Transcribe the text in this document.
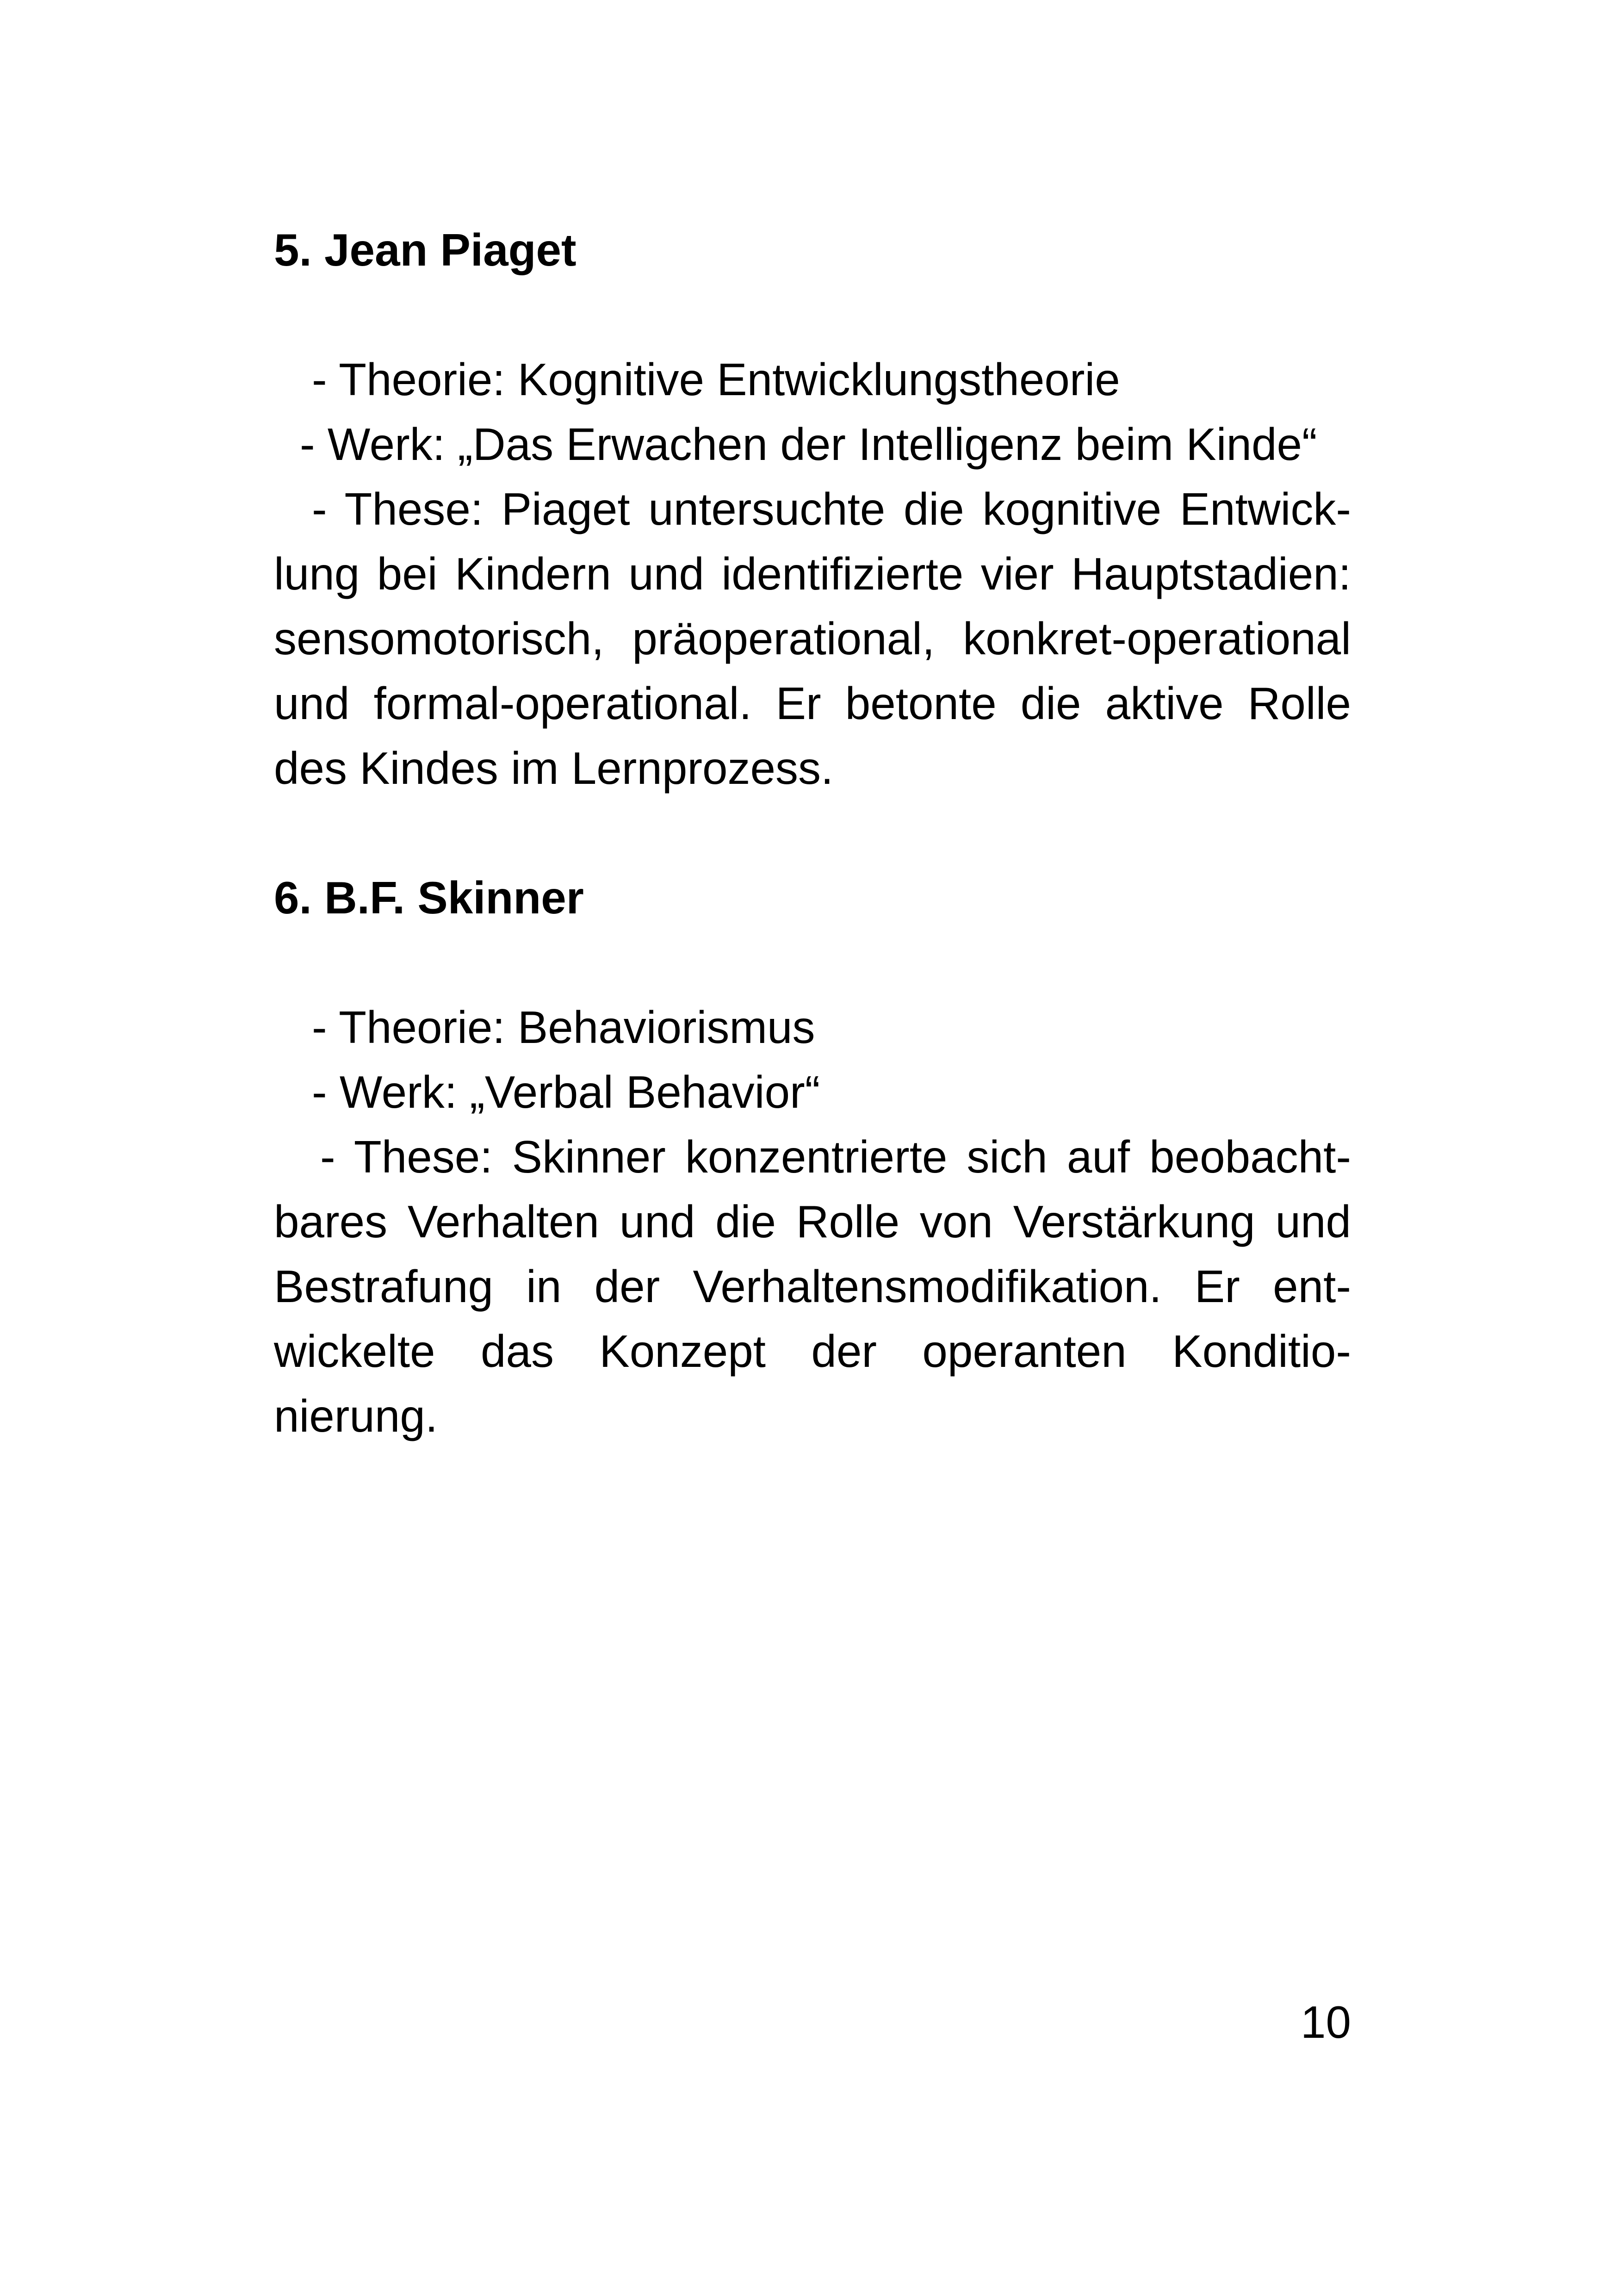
5. Jean Piaget
- Theorie: Kognitive Entwicklungstheorie
- Werk: „Das Erwachen der Intelligenz beim Kinde“
- These: Piaget untersuchte die kognitive Entwick-
lung bei Kindern und identifizierte vier Hauptstadien:
sensomotorisch, präoperational, konkret-operational
und formal-operational. Er betonte die aktive Rolle
des Kindes im Lernprozess.
6. B.F. Skinner
- Theorie: Behaviorismus
- Werk: „Verbal Behavior“
- These: Skinner konzentrierte sich auf beobacht-
bares Verhalten und die Rolle von Verstärkung und
Bestrafung in der Verhaltensmodifikation. Er ent-
wickelte das Konzept der operanten Konditio-
nierung.
10
